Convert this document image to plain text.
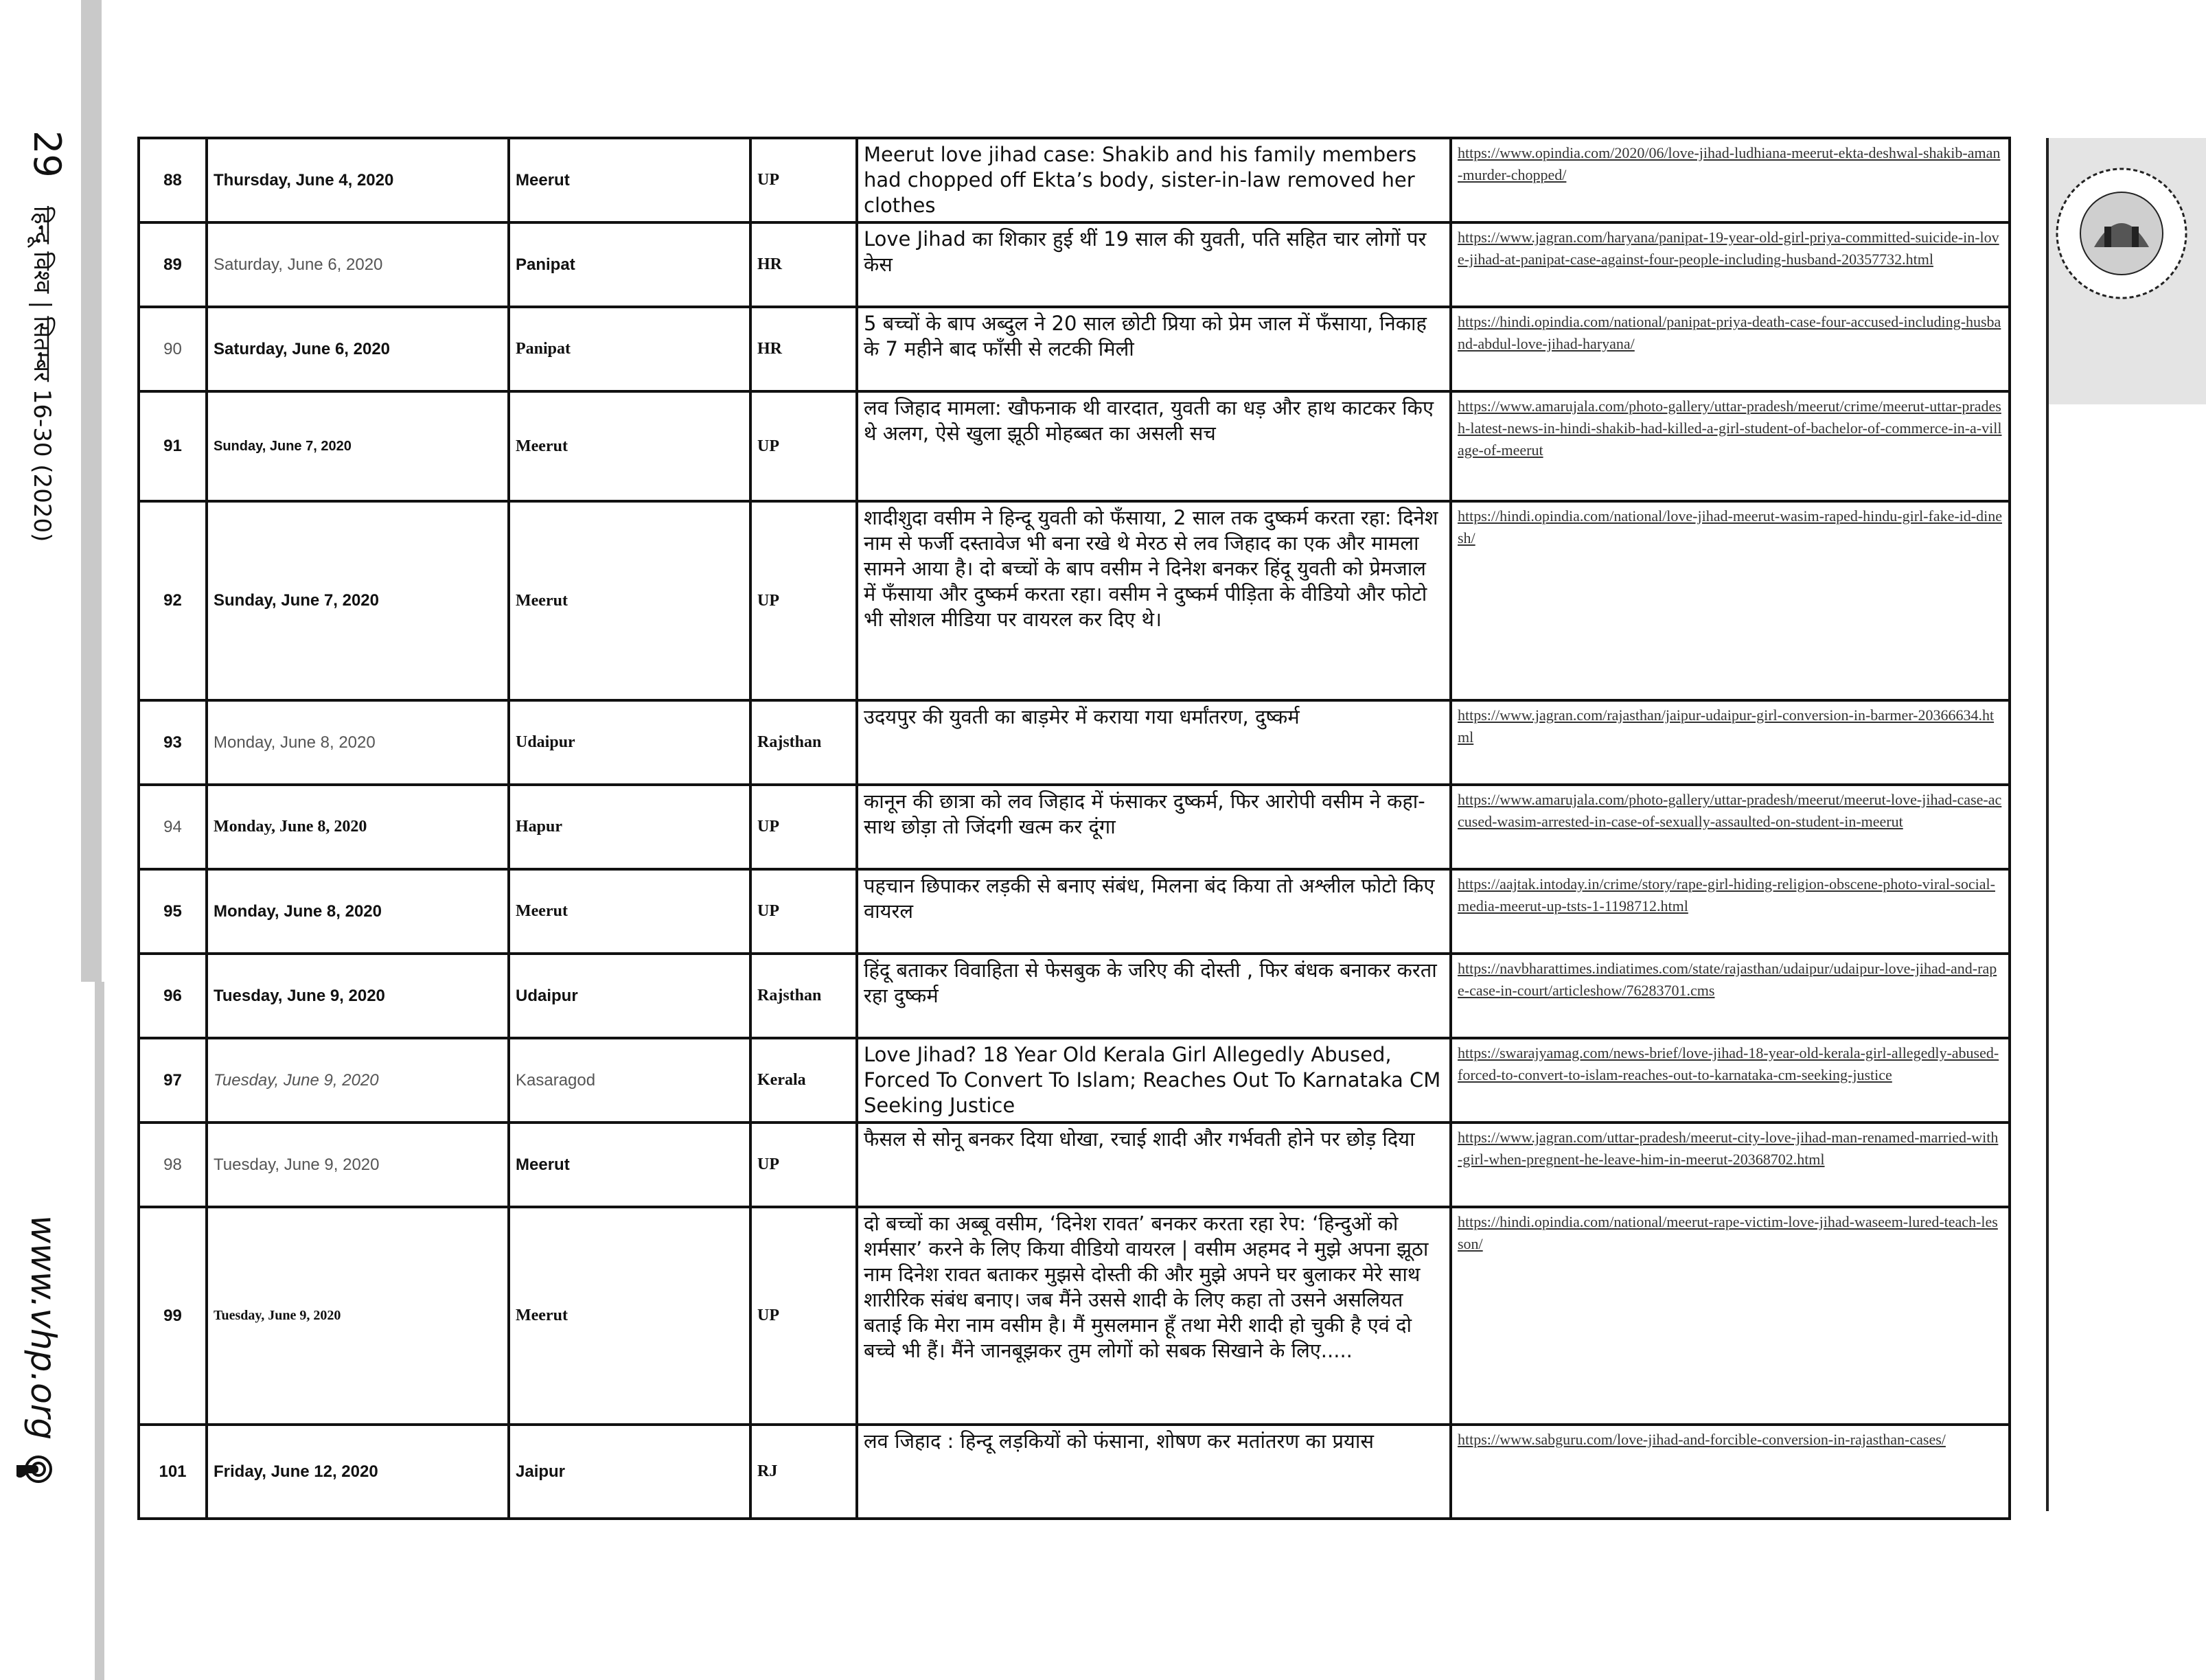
29
हिन्दू विश्व | सितम्बर 16-30 (2020)
www.vhp.org
88	Thursday, June 4, 2020	Meerut	UP	Meerut love jihad case: Shakib and his family members had chopped off Ekta’s body, sister-in-law removed her clothes	https://www.opindia.com/2020/06/love-jihad-ludhiana-meerut-ekta-deshwal-shakib-aman-murder-chopped/
89	Saturday, June 6, 2020	Panipat	HR	Love Jihad का शिकार हुई थीं 19 साल की युवती, पति सहित चार लोगों पर केस	https://www.jagran.com/haryana/panipat-19-year-old-girl-priya-committed-suicide-in-love-jihad-at-panipat-case-against-four-people-including-husband-20357732.html
90	Saturday, June 6, 2020	Panipat	HR	5 बच्चों के बाप अब्दुल ने 20 साल छोटी प्रिया को प्रेम जाल में फँसाया, निकाह के 7 महीने बाद फाँसी से लटकी मिली	https://hindi.opindia.com/national/panipat-priya-death-case-four-accused-including-husband-abdul-love-jihad-haryana/
91	Sunday, June 7, 2020	Meerut	UP	लव जिहाद मामला: खौफनाक थी वारदात, युवती का धड़ और हाथ काटकर किए थे अलग, ऐसे खुला झूठी मोहब्बत का असली सच	https://www.amarujala.com/photo-gallery/uttar-pradesh/meerut/crime/meerut-uttar-pradesh-latest-news-in-hindi-shakib-had-killed-a-girl-student-of-bachelor-of-commerce-in-a-village-of-meerut
92	Sunday, June 7, 2020	Meerut	UP	शादीशुदा वसीम ने हिन्दू युवती को फँसाया, 2 साल तक दुष्कर्म करता रहा: दिनेश नाम से फर्जी दस्तावेज भी बना रखे थे मेरठ से लव जिहाद का एक और मामला सामने आया है। दो बच्चों के बाप वसीम ने दिनेश बनकर हिंदू युवती को प्रेमजाल में फँसाया और दुष्कर्म करता रहा। वसीम ने दुष्कर्म पीड़िता के वीडियो और फोटो भी सोशल मीडिया पर वायरल कर दिए थे।	https://hindi.opindia.com/national/love-jihad-meerut-wasim-raped-hindu-girl-fake-id-dinesh/
93	Monday, June 8, 2020	Udaipur	Rajsthan	उदयपुर की युवती का बाड़मेर में कराया गया धर्मांतरण, दुष्कर्म	https://www.jagran.com/rajasthan/jaipur-udaipur-girl-conversion-in-barmer-20366634.html
94	Monday, June 8, 2020	Hapur	UP	कानून की छात्रा को लव जिहाद में फंसाकर दुष्कर्म, फिर आरोपी वसीम ने कहा- साथ छोड़ा तो जिंदगी खत्म कर दूंगा	https://www.amarujala.com/photo-gallery/uttar-pradesh/meerut/meerut-love-jihad-case-accused-wasim-arrested-in-case-of-sexually-assaulted-on-student-in-meerut
95	Monday, June 8, 2020	Meerut	UP	पहचान छिपाकर लड़की से बनाए संबंध, मिलना बंद किया तो अश्लील फोटो किए वायरल	https://aajtak.intoday.in/crime/story/rape-girl-hiding-religion-obscene-photo-viral-social-media-meerut-up-tsts-1-1198712.html
96	Tuesday, June 9, 2020	Udaipur	Rajsthan	हिंदू बताकर विवाहिता से फेसबुक के जरिए की दोस्ती , फिर बंधक बनाकर करता रहा दुष्कर्म	https://navbharattimes.indiatimes.com/state/rajasthan/udaipur/udaipur-love-jihad-and-rape-case-in-court/articleshow/76283701.cms
97	Tuesday, June 9, 2020	Kasaragod	Kerala	Love Jihad? 18 Year Old Kerala Girl Allegedly Abused, Forced To Convert To Islam; Reaches Out To Karnataka CM Seeking Justice	https://swarajyamag.com/news-brief/love-jihad-18-year-old-kerala-girl-allegedly-abused-forced-to-convert-to-islam-reaches-out-to-karnataka-cm-seeking-justice
98	Tuesday, June 9, 2020	Meerut	UP	फैसल से सोनू बनकर दिया धोखा, रचाई शादी और गर्भवती होने पर छोड़ दिया	https://www.jagran.com/uttar-pradesh/meerut-city-love-jihad-man-renamed-married-with-girl-when-pregnent-he-leave-him-in-meerut-20368702.html
99	Tuesday, June 9, 2020	Meerut	UP	दो बच्चों का अब्बू वसीम, ‘दिनेश रावत’ बनकर करता रहा रेप: ‘हिन्दुओं को शर्मसार’ करने के लिए किया वीडियो वायरल | वसीम अहमद ने मुझे अपना झूठा नाम दिनेश रावत बताकर मुझसे दोस्ती की और मुझे अपने घर बुलाकर मेरे साथ शारीरिक संबंध बनाए। जब मैंने उससे शादी के लिए कहा तो उसने असलियत बताई कि मेरा नाम वसीम है। मैं मुसलमान हूँ तथा मेरी शादी हो चुकी है एवं दो बच्चे भी हैं। मैंने जानबूझकर तुम लोगों को सबक सिखाने के लिए.....	https://hindi.opindia.com/national/meerut-rape-victim-love-jihad-waseem-lured-teach-lesson/
101	Friday, June 12, 2020	Jaipur	RJ	लव जिहाद : हिन्दू लड़कियों को फंसाना, शोषण कर मतांतरण का प्रयास	https://www.sabguru.com/love-jihad-and-forcible-conversion-in-rajasthan-cases/
